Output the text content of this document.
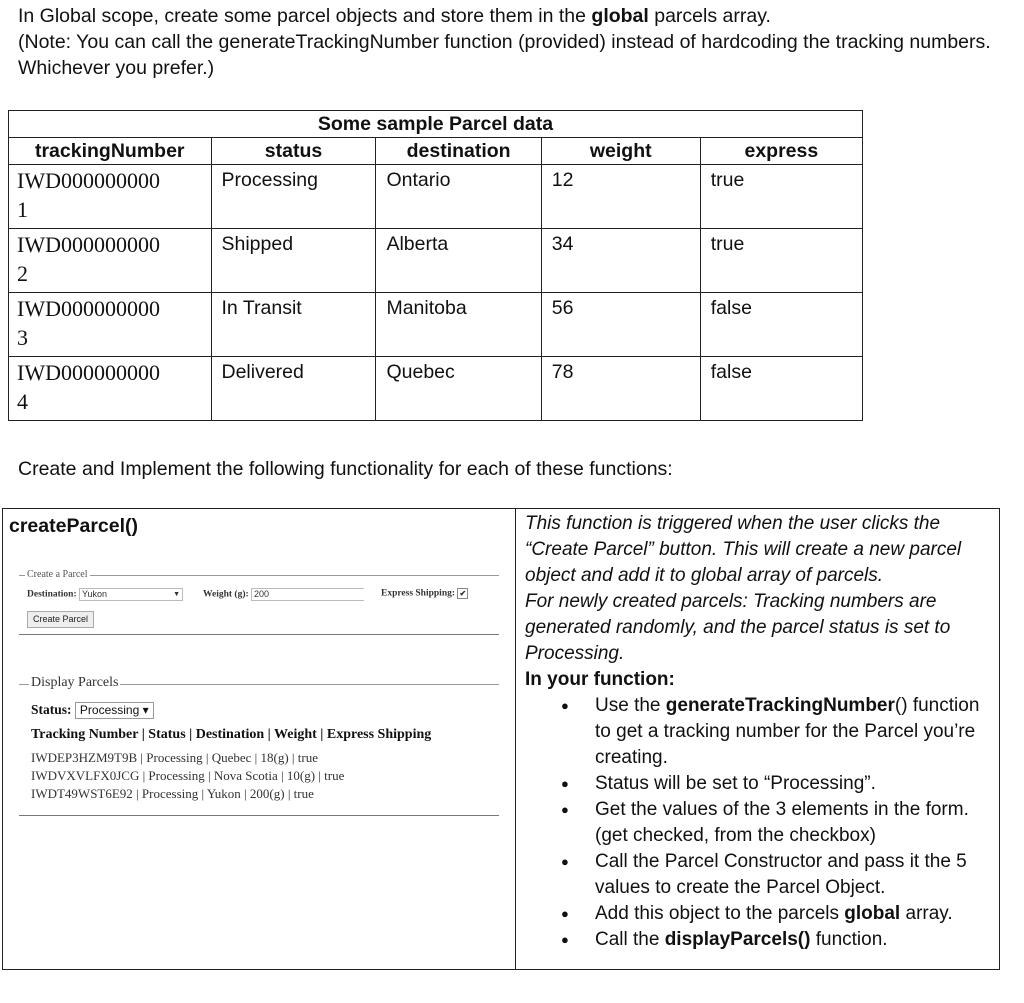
In Global scope, create some parcel objects and store them in the global parcels array.
(Note: You can call the generateTrackingNumber function (provided) instead of hardcoding the tracking numbers. Whichever you prefer.)
Some sample Parcel data				
trackingNumber	status	destination	weight	express
IWD000000000
1	Processing	Ontario	12	true
IWD000000000
2	Shipped	Alberta	34	true
IWD000000000
3	In Transit	Manitoba	56	false
IWD000000000
4	Delivered	Quebec	78	false
Create and Implement the following functionality for each of these functions:
createParcel()
Create a Parcel
Destination: Yukon	▼ Weight (g): 200	Express Shipping: ✔
Create Parcel
Display Parcels
Status: Processing ▾
Tracking Number | Status | Destination | Weight | Express Shipping
IWDEP3HZM9T9B | Processing | Quebec | 18(g) | true
IWDVXVLFX0JCG | Processing | Nova Scotia | 10(g) | true
IWDT49WST6E92 | Processing | Yukon | 200(g) | true
This function is triggered when the user clicks the “Create Parcel” button. This will create a new parcel object and add it to global array of parcels.
For newly created parcels: Tracking numbers are generated randomly, and the parcel status is set to Processing.
In your function:
● Use the generateTrackingNumber() function to get a tracking number for the Parcel you’re creating.
● Status will be set to “Processing”.
● Get the values of the 3 elements in the form. (get checked, from the checkbox)
● Call the Parcel Constructor and pass it the 5 values to create the Parcel Object.
● Add this object to the parcels global array.
● Call the displayParcels() function.
